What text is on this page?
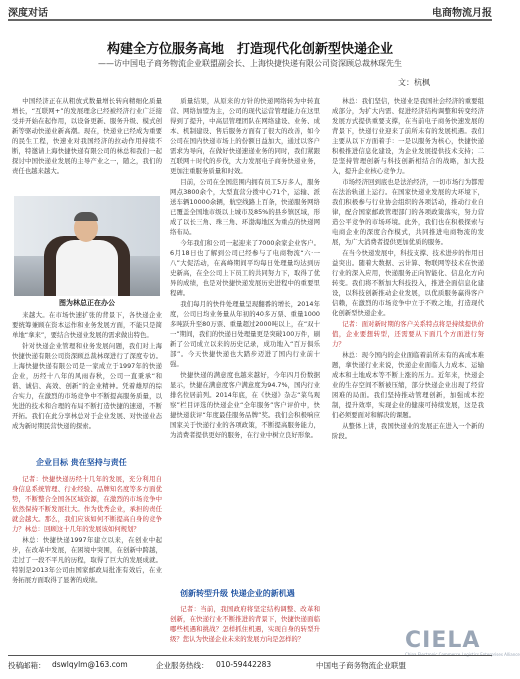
深度对话	电商物流月报
构建全方位服务高地　打造现代化创新型快递企业
——访中国电子商务物流企业联盟副会长、上海快捷快递有限公司资深顾总裁林琛先生
文：杭枫

中国经济正在从粗放式数量增长转向精细化质量增长，“互联网+”的发展理念已经被经济行业广泛接受并开始在起作用，以设备更新、服务升级、模式创新等驱动快递业新高潮。现在，快递业已经成为重要的民生工程，快速业对我国经济的拉动作用持续不断，特邀请上海快捷快递有限公司的林总和我们一起探讨中国快递业发展的主导产业之一，随之，我们的责任也越来越大。

图为林总正在办公

来越大。在市场快速扩张的背景下，各快递企业要统筹兼顾在资本运作和业务发展方面，不能只是简单地“拿来”，要结合快递业发展的需求做出特色。

针对快递企业管理和业务发展问题，我们对上海快捷快递有限公司资深顾总裁林琛进行了深度专访。上海快捷快递有限公司是一家成立于1997年的快递企业，历经十八年的风雨春秋，公司一直秉承“和谐、诚信、高效、创新”的企业精神。凭着雄厚的综合实力，在激烈的市场竞争中不断提高服务质量，以先进的技术和合理的布局不断打造快捷的速递，不断开拓。我们在此分享林总对于企业发展、对快递业态成为新时期民营快递的探索。

企业目标 贵在坚持与责任

记者：快捷快递历经十几年的发展，充分利用自身信息系统管理、行业经验、品牌知名度等多方面优势，不断整合全国各区域资源，在激烈的市场竞争中依然保持不断发展壮大。作为优秀企业，承担的责任就会越大。那么，我们应该如何不断提高自身的竞争力？林总：回顾这十几年的发展该如何规划？

林总：快捷快递1997年建立以来，在创业中起步，在改革中发展，在困境中突围，在创新中跨越，走过了一段不平凡的历程，取得了巨大的发展成就。特别是2013年公司由国家邮政局批准有效后，在业务拓展方面取得了显著的成绩。

质量结果，从原来的方针的快递网络转为中转直营、网络加盟为主，公司的现代运营管理能力在这里得到了提升，中高层管理团队在网络建设、业务、成本、机制建设、售后服务方面有了很大的改善，如今公司在国内快递市场上的份额日益加大，通过以客户需求为导向，在做好快递速递业务的同时，我们紧跟互联网＋时代的步伐，大力发展电子商务快递业务，更加注重服务质量和时效。

目前，公司在全国范围内拥有员工5万多人，服务网点3800余个，大型直营分拨中心71个，运输、派送车辆10000余辆，航空线路上百条，快递服务网络已覆盖全国地市级以上城市及85%的县乡镇区域，形成了以长三角、珠三角、环渤海地区为重点的快递网络布局。

今年我们和公司一起迎来了7000余家企业客户。6月18日也了解到公司已经参与了电商物流“六·一八”大促活动，在高峰期间平均每日处理量均达到历史新高，在全公司上下员工的共同努力下，取得了优异的成绩，也是对快捷快递发展历史进程中的重要里程碑。

我们每月的快件处理量呈现翻番的增长，2014年度，公司日均业务量从年初的40多万票、重量1000多吨跃升至80万票、重量超过2000吨以上，在“双十一”期间，我们的快递日处理量更是突破100万件，刷新了公司成立以来的历史记录，成功地入“百万俱乐部”。今天快捷快递也大踏步迈进了国内行业前十强。

快捷快递的满意度也越来越好，今年四月份数据显示，快捷在满意度客户满意度为94.7%，国内行业排名位居前列。2014年底，在《快递》杂志“菜鸟观察”栏目评选的快递企业“全年服务”客户评价中，快捷快递获评“年度最佳服务品牌”奖。我们会积极响应国家关于快递行业的各项政策，不断提高服务能力，为消费者提供更好的服务，在行业中树立良好形象。

创新转型升级 快递企业的新机遇

记者：当前，我国政府将坚定结构调整、改革和创新，在快递行业不断推进的背景下，快捷快递面临哪些机遇和挑战？怎样抓住机遇，实现自身的转型升级？您认为快递企业未来的发展方向是怎样的？

林总：我们坚信，快递业是我国社会经济的重要组成部分，为扩大内需、促进经济结构调整和转变经济发展方式提供重要支撑，在当前电子商务快速发展的背景下，快递行业迎来了前所未有的发展机遇。我们主要从以下方面着手：一是以服务为核心，快捷快递积极推进信息化建设，为企业发展提供技术支持；二是坚持管理创新与科技创新相结合的战略，加大投入，提升企业核心竞争力。

市场经济回到底也是法治经济，一切市场行为都需在法治轨道上运行。在国家快递业发展的大环境下，我们积极参与行业协会组织的各项活动，推动行业自律，配合国家邮政管理部门的各项政策落实，努力营造公平竞争的市场环境。此外，我们也在积极探索与电商企业的深度合作模式，共同推进电商物流的发展，为广大消费者提供更加优质的服务。

在当今快递发展中，科技支撑、技术进步的作用日益突出。随着大数据、云计算、物联网等技术在快递行业的深入应用，快递服务正向智能化、信息化方向转变。我们将不断加大科技投入，推进全面信息化建设，以科技创新推动企业发展，以优质服务赢得客户信赖，在激烈的市场竞争中立于不败之地，打造现代化创新型快递企业。

记者：面对新时期的客户关系特点将是持续提供价值，企业要想转型，还需要从下面几个方面进行努力？

林总：现今国内的企业面临着前所未有的高成本难题，拿快递行业来说，快递企业面临人力成本、运输成本和土地成本等不断上涨的压力。近年来，快递企业的生存空间不断被压缩，部分快递企业出现了经营困难的局面。我们坚持推动管理创新，加强成本控制，提升效率，实现企业的健康可持续发展，这是我们必须要面对和解决的课题。

从整体上讲，我国快递业的发展正在进入一个新的阶段。

CIELA
China Electronic Commerce Logistics Enterprises Alliance
投稿邮箱： dswlqylm@163.com	企业服务热线： 010-59442283	中国电子商务物流企业联盟
